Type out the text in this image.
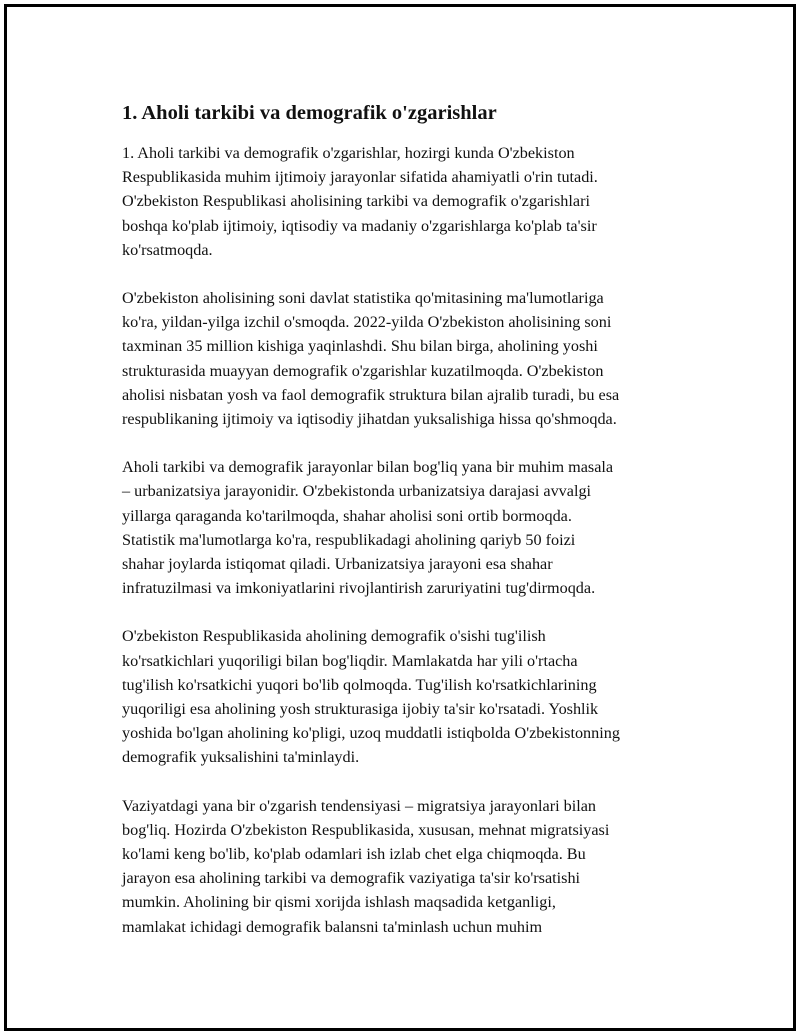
1. Aholi tarkibi va demografik o'zgarishlar

1. Aholi tarkibi va demografik o'zgarishlar, hozirgi kunda O'zbekiston
Respublikasida muhim ijtimoiy jarayonlar sifatida ahamiyatli o'rin tutadi.
O'zbekiston Respublikasi aholisining tarkibi va demografik o'zgarishlari
boshqa ko'plab ijtimoiy, iqtisodiy va madaniy o'zgarishlarga ko'plab ta'sir
ko'rsatmoqda.

O'zbekiston aholisining soni davlat statistika qo'mitasining ma'lumotlariga
ko'ra, yildan-yilga izchil o'smoqda. 2022-yilda O'zbekiston aholisining soni
taxminan 35 million kishiga yaqinlashdi. Shu bilan birga, aholining yoshi
strukturasida muayyan demografik o'zgarishlar kuzatilmoqda. O'zbekiston
aholisi nisbatan yosh va faol demografik struktura bilan ajralib turadi, bu esa
respublikaning ijtimoiy va iqtisodiy jihatdan yuksalishiga hissa qo'shmoqda.

Aholi tarkibi va demografik jarayonlar bilan bog'liq yana bir muhim masala
– urbanizatsiya jarayonidir. O'zbekistonda urbanizatsiya darajasi avvalgi
yillarga qaraganda ko'tarilmoqda, shahar aholisi soni ortib bormoqda.
Statistik ma'lumotlarga ko'ra, respublikadagi aholining qariyb 50 foizi
shahar joylarda istiqomat qiladi. Urbanizatsiya jarayoni esa shahar
infratuzilmasi va imkoniyatlarini rivojlantirish zaruriyatini tug'dirmoqda.

O'zbekiston Respublikasida aholining demografik o'sishi tug'ilish
ko'rsatkichlari yuqoriligi bilan bog'liqdir. Mamlakatda har yili o'rtacha
tug'ilish ko'rsatkichi yuqori bo'lib qolmoqda. Tug'ilish ko'rsatkichlarining
yuqoriligi esa aholining yosh strukturasiga ijobiy ta'sir ko'rsatadi. Yoshlik
yoshida bo'lgan aholining ko'pligi, uzoq muddatli istiqbolda O'zbekistonning
demografik yuksalishini ta'minlaydi.

Vaziyatdagi yana bir o'zgarish tendensiyasi – migratsiya jarayonlari bilan
bog'liq. Hozirda O'zbekiston Respublikasida, xususan, mehnat migratsiyasi
ko'lami keng bo'lib, ko'plab odamlari ish izlab chet elga chiqmoqda. Bu
jarayon esa aholining tarkibi va demografik vaziyatiga ta'sir ko'rsatishi
mumkin. Aholining bir qismi xorijda ishlash maqsadida ketganligi,
mamlakat ichidagi demografik balansni ta'minlash uchun muhim
